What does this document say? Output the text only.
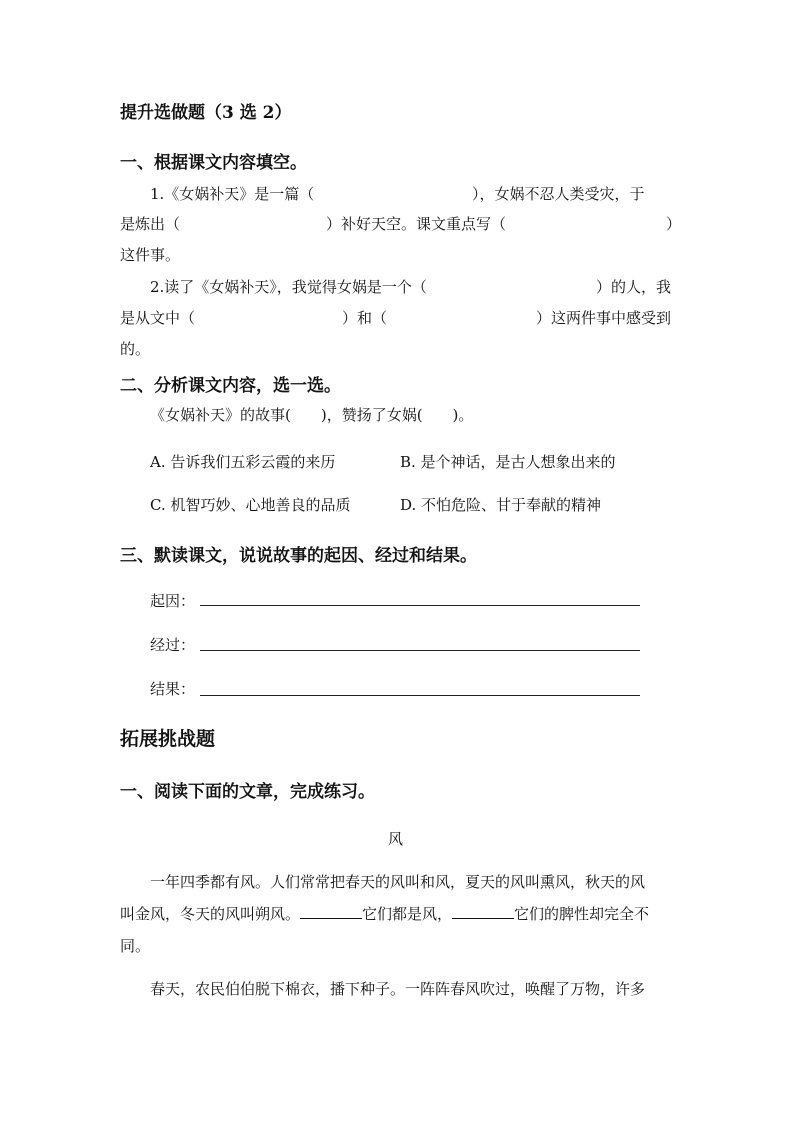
提升选做题（3 选 2）
一、根据课文内容填空。
1.《女娲补天》是一篇（	），女娲不忍人类受灾，于
是炼出（	）补好天空。课文重点写（	）
这件事。
2.读了《女娲补天》，我觉得女娲是一个（	）的人，我
是从文中（	）和（	）这两件事中感受到
的。
二、分析课文内容，选一选。
《女娲补天》的故事(　　)，赞扬了女娲(　　)。
A. 告诉我们五彩云霞的来历	B. 是个神话，是古人想象出来的
C. 机智巧妙、心地善良的品质	D. 不怕危险、甘于奉献的精神
三、默读课文，说说故事的起因、经过和结果。
起因：
经过：
结果：
拓展挑战题
一、阅读下面的文章，完成练习。
风
一年四季都有风。人们常常把春天的风叫和风，夏天的风叫熏风，秋天的风
叫金风，冬天的风叫朔风。	它们都是风，	它们的脾性却完全不
同。
春天，农民伯伯脱下棉衣，播下种子。一阵阵春风吹过，唤醒了万物，许多
